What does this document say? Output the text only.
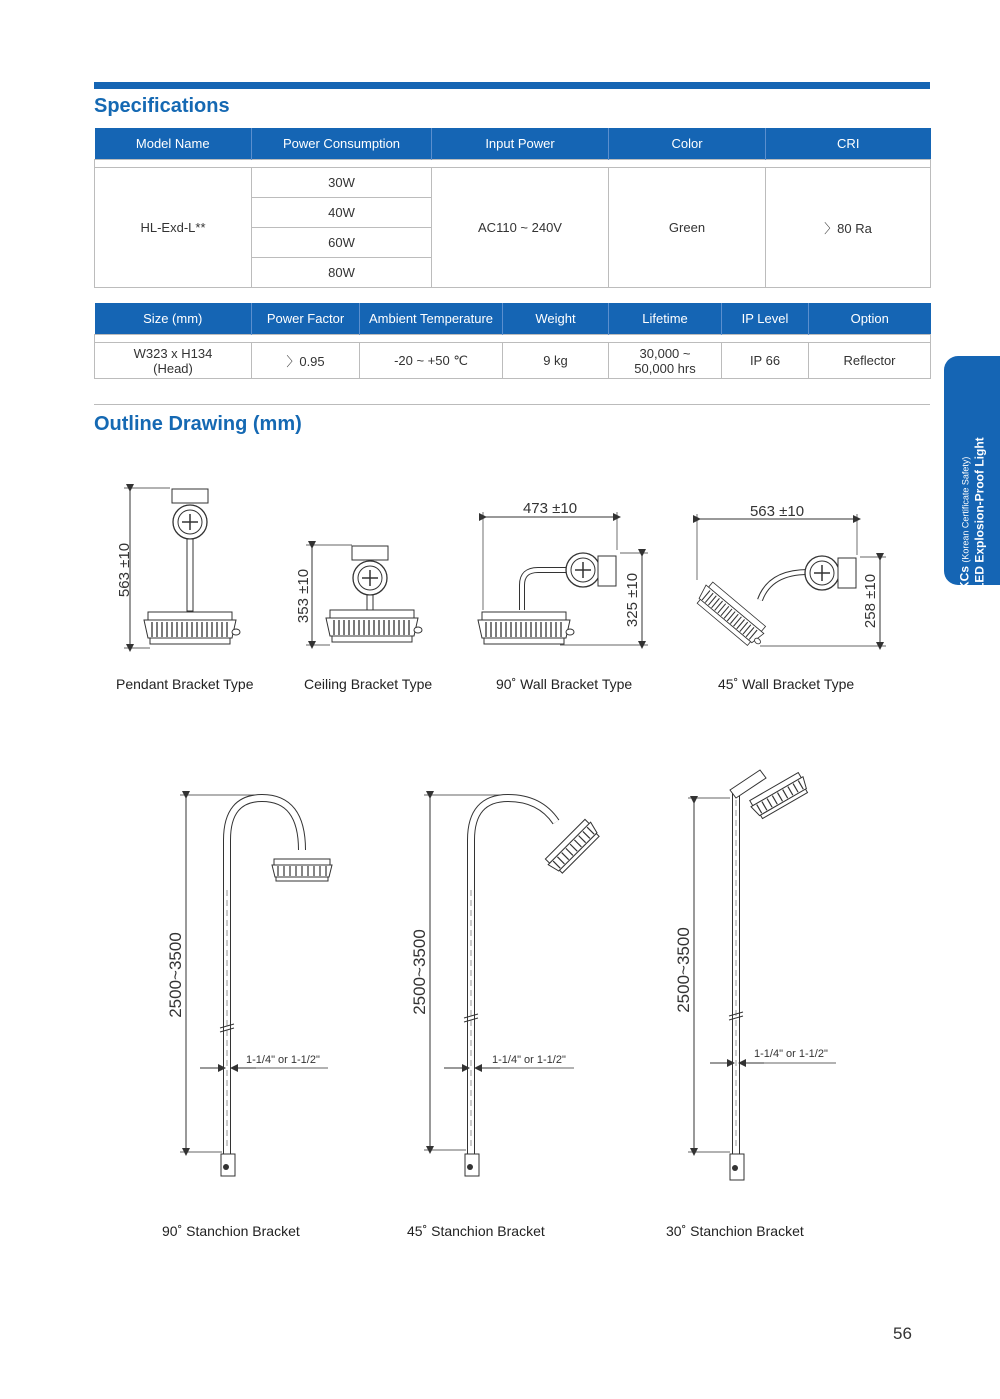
Specifications
Model Name	Power Consumption	Input Power	Color	CRI

HL-Exd-L**	30W	AC110 ~ 240V	Green	〉80 Ra
	40W			
	60W			
	80W			
Size (mm)	Power Factor	Ambient Temperature	Weight	Lifetime	IP Level	Option

W323 x H134
(Head)	〉0.95	-20 ~ +50 ℃	9 kg	30,000 ~
50,000 hrs	IP 66	Reflector
Outline Drawing (mm)
KCs (Korean Certificate Safety) LED Explosion-Proof Light
563 ±10	353 ±10
473 ±10
325 ±10
563 ±10
258 ±10
2500~3500
1-1/4" or 1-1/2"
2500~3500
1-1/4" or 1-1/2"
2500~3500
1-1/4" or 1-1/2"
Pendant Bracket Type	Ceiling Bracket Type	90˚ Wall Bracket Type	45˚ Wall Bracket Type
90˚ Stanchion Bracket	45˚ Stanchion Bracket	30˚ Stanchion Bracket
56
